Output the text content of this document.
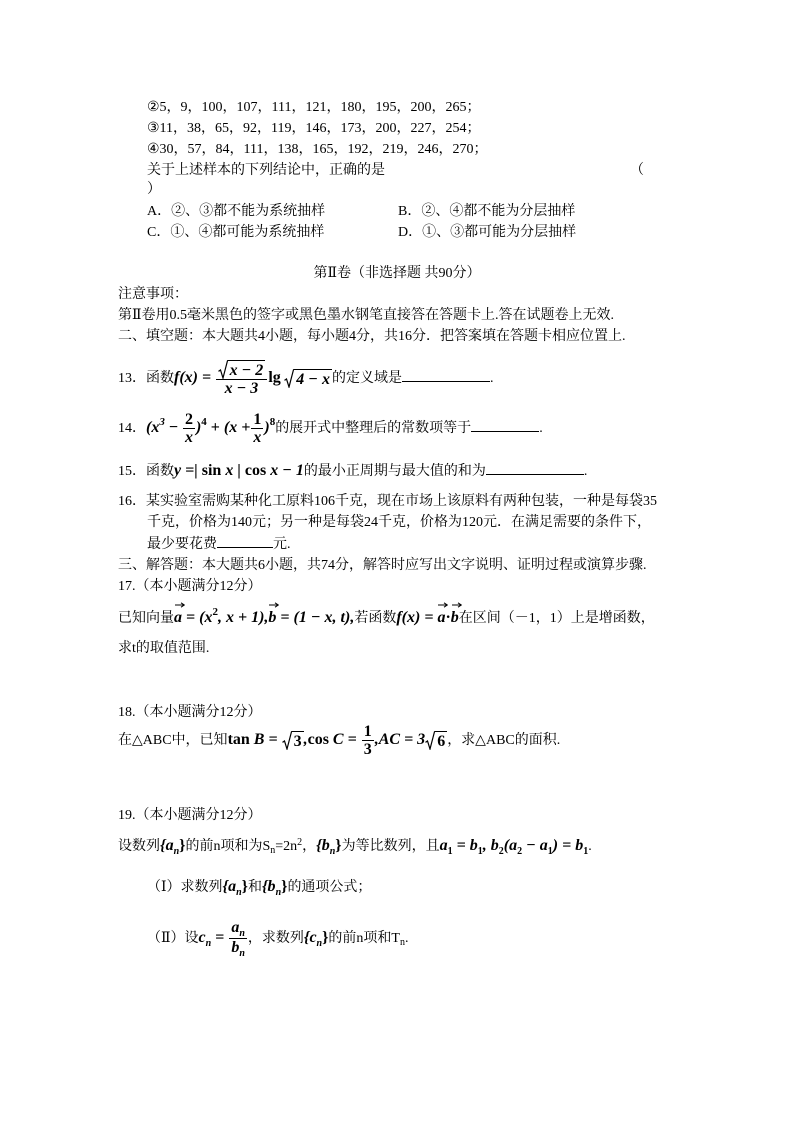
②5，9，100，107，111，121，180，195，200，265；
③11，38，65，92，119，146，173，200，227，254；
④30，57，84，111，138，165，192，219，246，270；
关于上述样本的下列结论中，正确的是	（
）
A．②、③都不能为系统抽样	B．②、④都不能为分层抽样
C．①、④都可能为系统抽样	D．①、③都可能为分层抽样
第Ⅱ卷（非选择题 共90分）
注意事项：
第Ⅱ卷用0.5毫米黑色的签字或黑色墨水钢笔直接答在答题卡上.答在试题卷上无效.
二、填空题：本大题共4小题，每小题4分，共16分．把答案填在答题卡相应位置上.
13．函数$f(x) = \frac{x - 2}{x - 3}$ lg 4 − x 的定义域是	.
14．$(x^3 - \frac{2}{x} )^4 + (x + \frac{1}{x} )^8$的展开式中整理后的常数项等于	.
15．函数y =| sin x | cos x − 1的最小正周期与最大值的和为	.
16．某实验室需购某种化工原料106千克，现在市场上该原料有两种包装，一种是每袋35
千克，价格为140元；另一种是每袋24千克，价格为120元．在满足需要的条件下，
最少要花费	元.
三、解答题：本大题共6小题，共74分，解答时应写出文字说明、证明过程或演算步骤.
17.（本小题满分12分）
已知向量
$a = (x^2$, x + 1),
b = (1 − x, t),若函数f(x) = a·
b在区间（－1，1）上是增函数，
求t的取值范围.
18.（本小题满分12分）
在△ABC中，已知tan B = 3 ,cos $C = \frac{1}{3} ,AC = 3$ 6 ，求△ABC的面积.
19.（本小题满分12分）
设数列$\{a_n\}$的前n项和为$S_n=2n^2$，$\{b_n\}$为等比数列，且$a_1 = b_1$, $b_2(a_2 - a_1) = b_1$.
（Ⅰ）求数列$\{a_n\}$和$\{b_n\}$的通项公式；
（Ⅱ）设$c_n = \frac{a_n}{b_n}$ ，求数列$\{c_n\}$的前n项和$T_n$.
